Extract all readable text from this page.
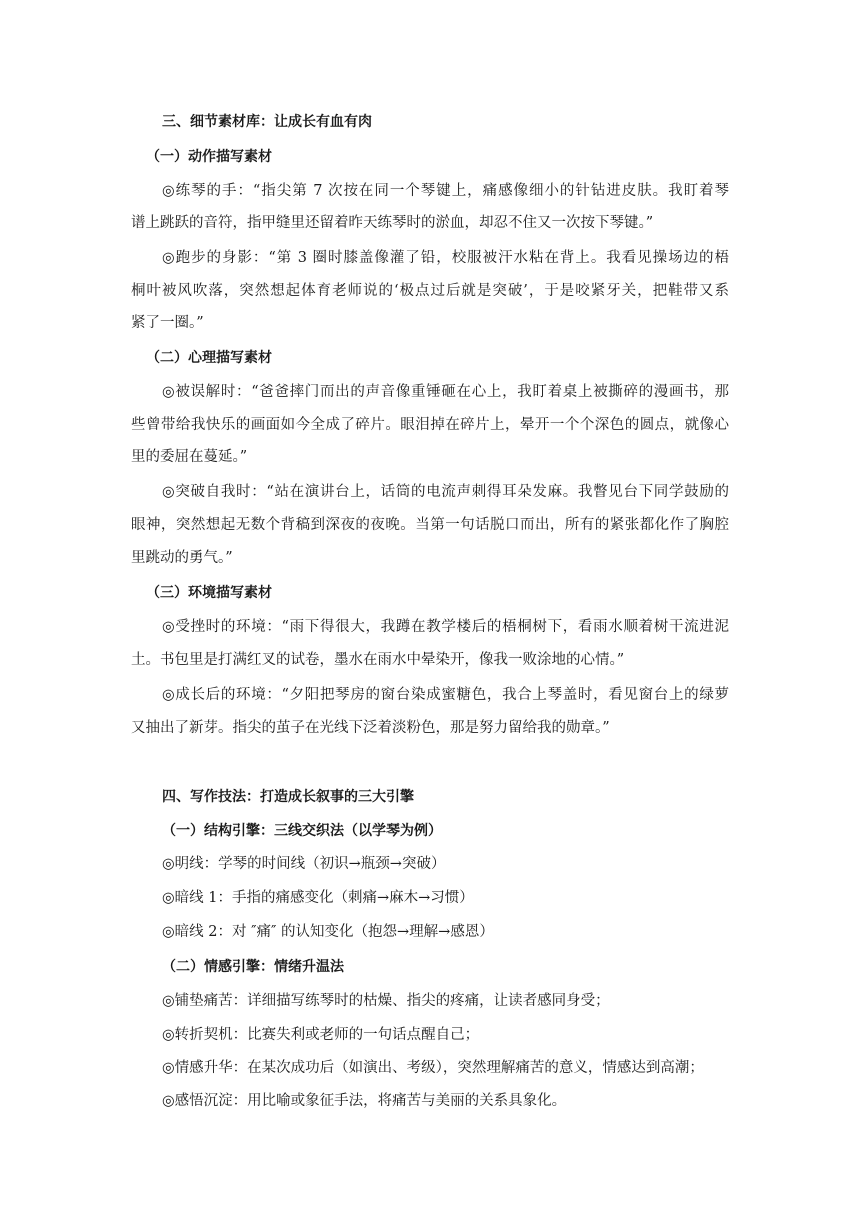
三、细节素材库：让成长有血有肉

（一）动作描写素材

◎练琴的手：“指尖第 7 次按在同一个琴键上，痛感像细小的针钻进皮肤。我盯着琴

谱上跳跃的音符，指甲缝里还留着昨天练琴时的淤血，却忍不住又一次按下琴键。”

◎跑步的身影：“第 3 圈时膝盖像灌了铅，校服被汗水粘在背上。我看见操场边的梧

桐叶被风吹落，突然想起体育老师说的‘极点过后就是突破’，于是咬紧牙关，把鞋带又系

紧了一圈。”

（二）心理描写素材

◎被误解时：“爸爸摔门而出的声音像重锤砸在心上，我盯着桌上被撕碎的漫画书，那

些曾带给我快乐的画面如今全成了碎片。眼泪掉在碎片上，晕开一个个深色的圆点，就像心

里的委屈在蔓延。”

◎突破自我时：“站在演讲台上，话筒的电流声刺得耳朵发麻。我瞥见台下同学鼓励的

眼神，突然想起无数个背稿到深夜的夜晚。当第一句话脱口而出，所有的紧张都化作了胸腔

里跳动的勇气。”

（三）环境描写素材

◎受挫时的环境：“雨下得很大，我蹲在教学楼后的梧桐树下，看雨水顺着树干流进泥

土。书包里是打满红叉的试卷，墨水在雨水中晕染开，像我一败涂地的心情。”

◎成长后的环境：“夕阳把琴房的窗台染成蜜糖色，我合上琴盖时，看见窗台上的绿萝

又抽出了新芽。指尖的茧子在光线下泛着淡粉色，那是努力留给我的勋章。”

四、写作技法：打造成长叙事的三大引擎

（一）结构引擎：三线交织法（以学琴为例）

◎明线：学琴的时间线（初识→瓶颈→突破）

◎暗线 1：手指的痛感变化（刺痛→麻木→习惯）

◎暗线 2：对 ″痛″ 的认知变化（抱怨→理解→感恩）

（二）情感引擎：情绪升温法

◎铺垫痛苦：详细描写练琴时的枯燥、指尖的疼痛，让读者感同身受；

◎转折契机：比赛失利或老师的一句话点醒自己；

◎情感升华：在某次成功后（如演出、考级），突然理解痛苦的意义，情感达到高潮；

◎感悟沉淀：用比喻或象征手法，将痛苦与美丽的关系具象化。
